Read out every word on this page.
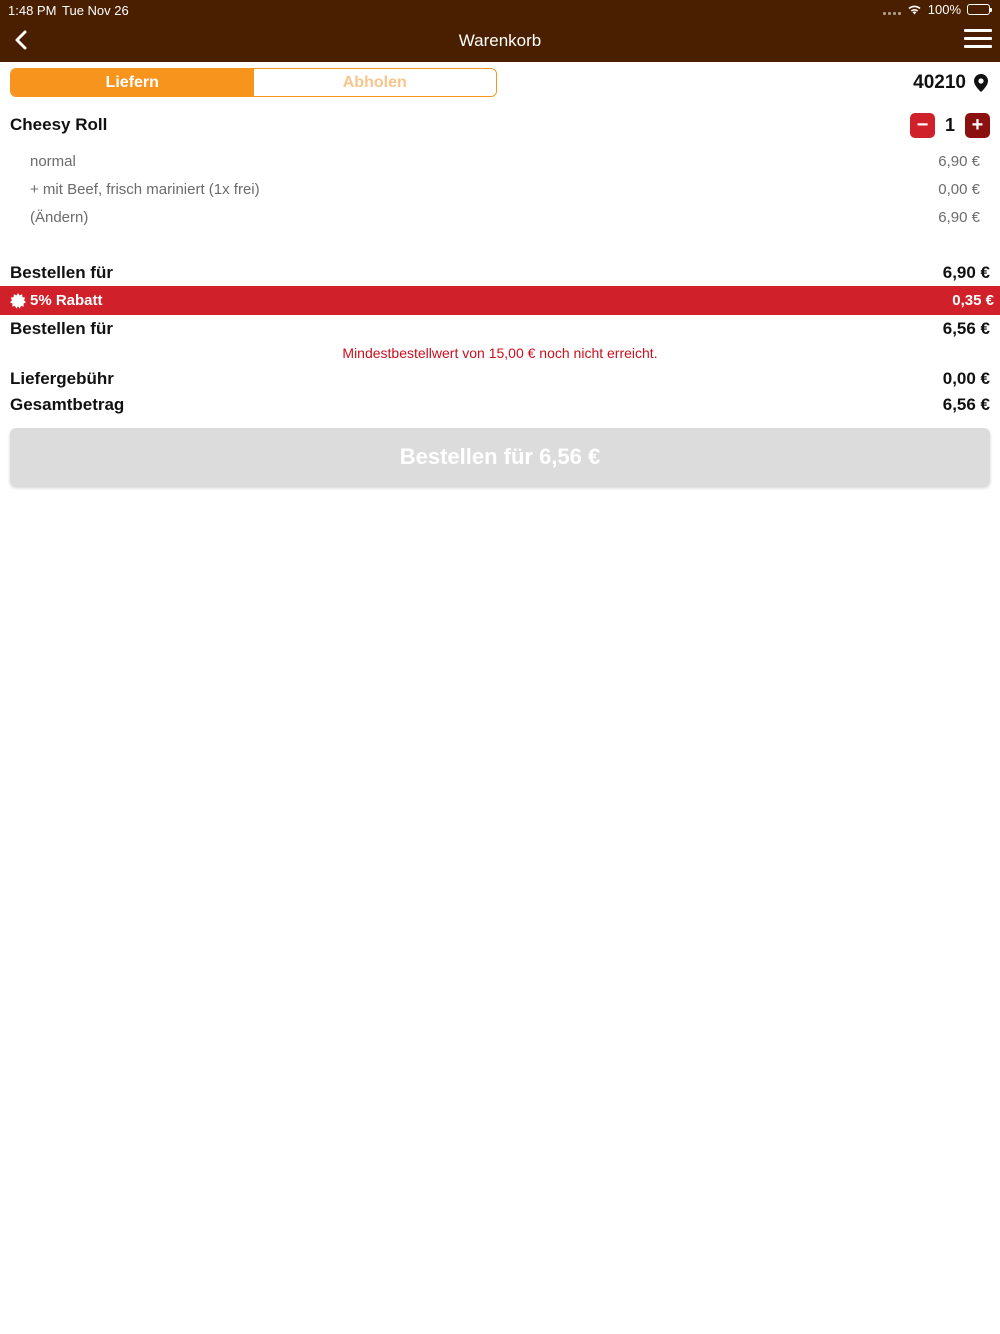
1:48 PM Tue Nov 26	100%
Warenkorb
Liefern	Abholen	40210
Cheesy Roll	− 1 +
normal	6,90 €
+ mit Beef, frisch mariniert (1x frei)	0,00 €
(Ändern)	6,90 €
Bestellen für	6,90 €
5% Rabatt	0,35 €
Bestellen für	6,56 €
Mindestbestellwert von 15,00 € noch nicht erreicht.
Liefergebühr	0,00 €
Gesamtbetrag	6,56 €
Bestellen für 6,56 €
